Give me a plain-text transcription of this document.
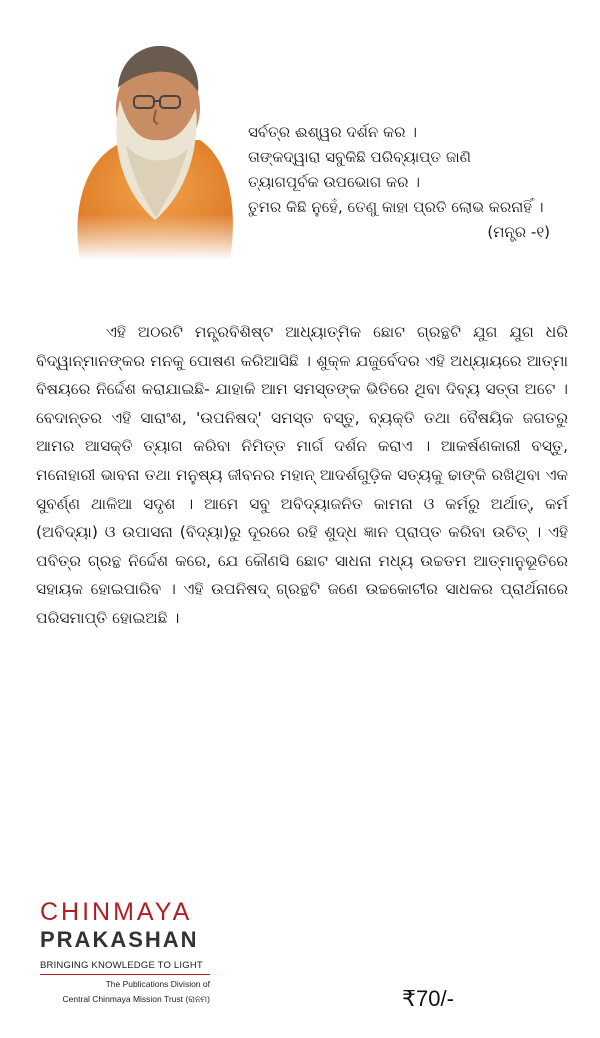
ସର୍ବତ୍ର ଈଶ୍ୱର ଦର୍ଶନ କର ।
ତାଙ୍କଦ୍ୱାରା ସବୁକିଛି ପରିବ୍ୟାପ୍ତ ଜାଣି
ତ୍ୟାଗପୂର୍ବକ ଉପଭୋଗ କର ।
ତୁମର କିଛି ନୁହେଁ, ତେଣୁ କାହା ପ୍ରତି ଲୋଭ କରନାହିଁ ।
(ମନ୍ତ୍ର -୧)

ଏହି ଅଠରଟି ମନ୍ତ୍ରବିଶିଷ୍ଟ ଆଧ୍ୟାତ୍ମିକ ଛୋଟ ଗ୍ରନ୍ଥଟି ଯୁଗ ଯୁଗ ଧରି ବିଦ୍ୱାନ୍‌ମାନଙ୍କର ମନକୁ ପୋଷଣ କରିଆସିଛି । ଶୁକ୍ଳ ଯଜୁର୍ବେଦର ଏହି ଅଧ୍ୟାୟରେ ଆତ୍ମା ବିଷୟରେ ନିର୍ଦ୍ଦେଶ କରାଯାଇଛି- ଯାହାକି ଆମ ସମସ୍ତଙ୍କ ଭିତିରେ ଥିବା ଦିବ୍ୟ ସତ୍ତା ଅଟେ । ବେଦାନ୍ତର ଏହି ସାରାଂଶ, 'ଉପନିଷଦ୍' ସମସ୍ତ ବସ୍ତୁ, ବ୍ୟକ୍ତି ତଥା ବୈଷୟିକ ଜଗତରୁ ଆମର ଆସକ୍ତି ତ୍ୟାଗ କରିବା ନିମିତ୍ତ ମାର୍ଗ ଦର୍ଶନ କରାଏ । ଆକର୍ଷଣକାରୀ ବସ୍ତୁ, ମନୋହାରୀ ଭାବନା ତଥା ମନୁଷ୍ୟ ଜୀବନର ମହାନ୍ ଆଦର୍ଶଗୁଡ଼ିକ ସତ୍ୟକୁ ଢାଙ୍କି ରଖିଥିବା ଏକ ସୁବର୍ଣ୍ଣ ଥାଳିଆ ସଦୃଶ । ଆମେ ସବୁ ଅବିଦ୍ୟାଜନିତ କାମନା ଓ କର୍ମରୁ ଅର୍ଥାତ୍, କର୍ମ (ଅବିଦ୍ୟା) ଓ ଉପାସନା (ବିଦ୍ୟା)ରୁ ଦୂରରେ ରହି ଶୁଦ୍ଧ ଜ୍ଞାନ ପ୍ରାପ୍ତ କରିବା ଉଚିତ୍ । ଏହି ପବିତ୍ର ଗ୍ରନ୍ଥ ନିର୍ଦ୍ଦେଶ କରେ, ଯେ କୌଣସି ଛୋଟ ସାଧନା ମଧ୍ୟ ଉଚ୍ଚତମ ଆତ୍ମାନୁଭୂତିରେ ସହାୟକ ହୋଇପାରିବ । ଏହି ଉପନିଷଦ୍ ଗ୍ରନ୍ଥଟି ଜଣେ ଉଚ୍ଚକୋଟୀର ସାଧକର ପ୍ରାର୍ଥନାରେ ପରିସମାପ୍ତି ହୋଇଅଛି ।

CHINMAYA
PRAKASHAN
BRINGING KNOWLEDGE TO LIGHT
The Publications Division of
Central Chinmaya Mission Trust (ରାନମ)	₹70/-
